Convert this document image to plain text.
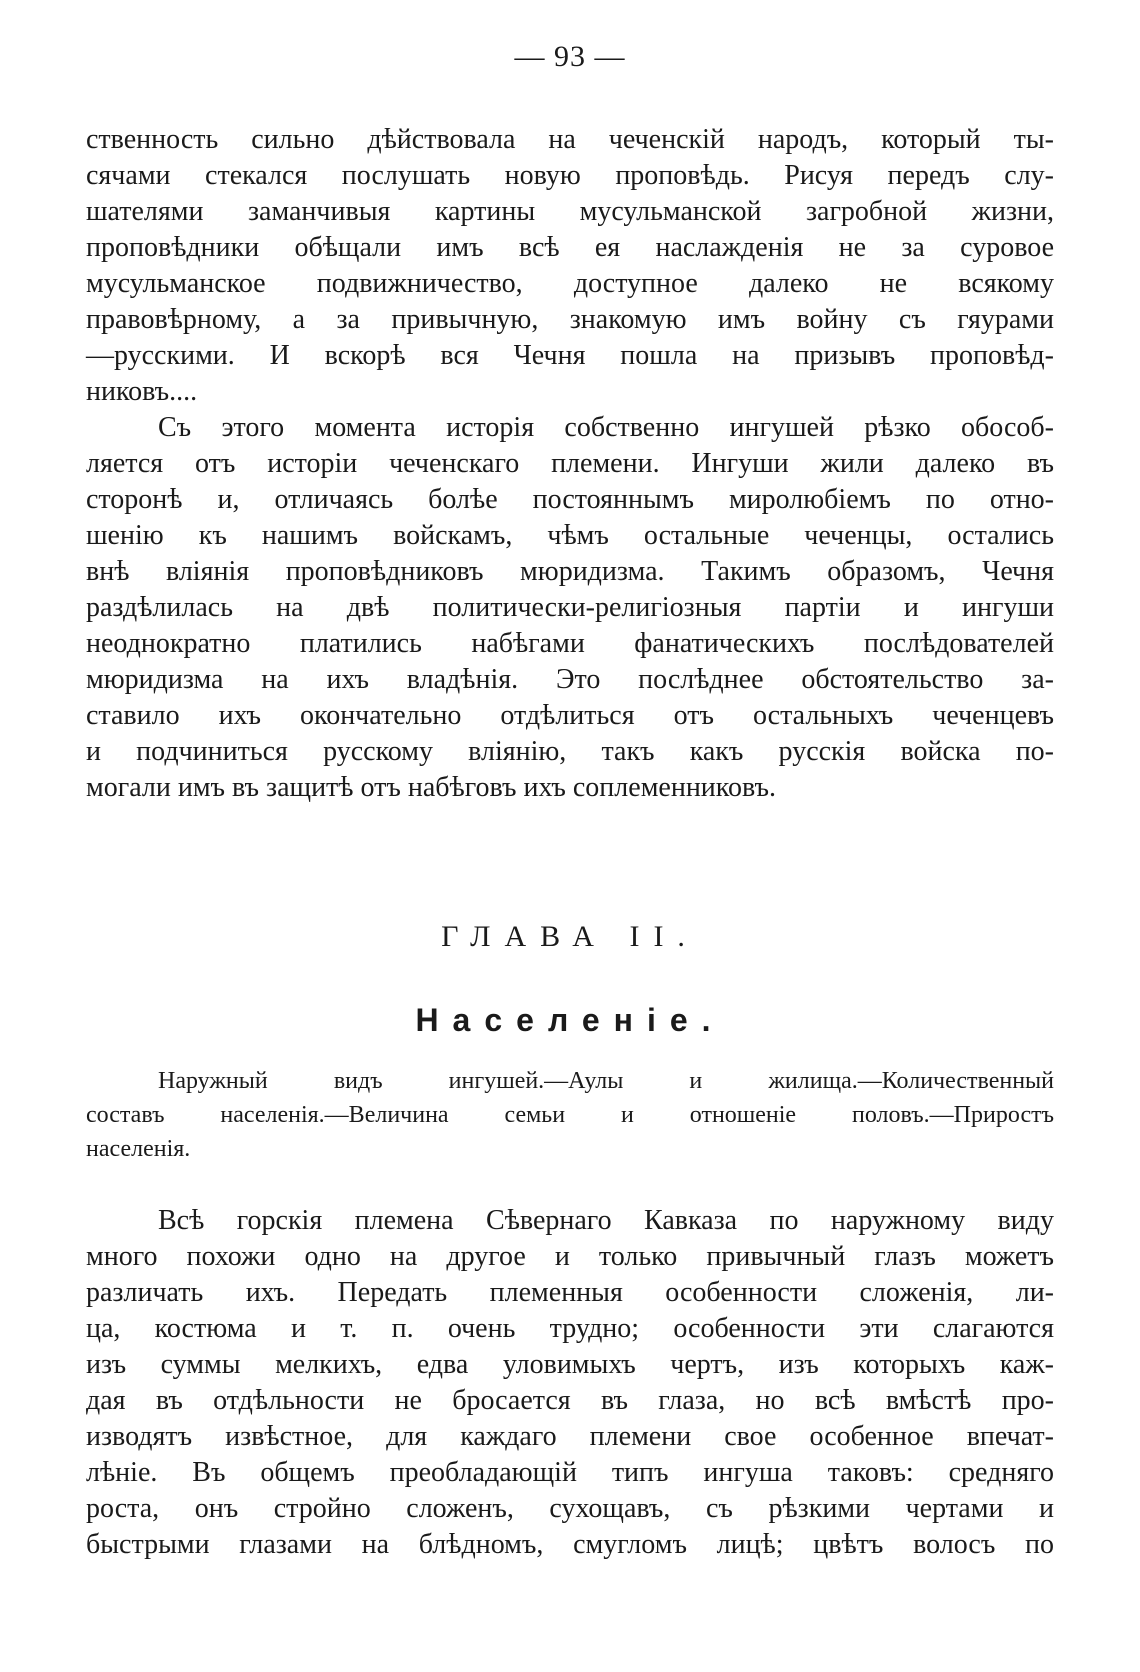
— 93 —
ственность сильно дѣйствовала на чеченскій народъ, который ты-
сячами стекался послушать новую проповѣдь. Рисуя передъ слу-
шателями заманчивыя картины мусульманской загробной жизни,
проповѣдники обѣщали имъ всѣ ея наслажденія не за суровое
мусульманское подвижничество, доступное далеко не всякому
правовѣрному, а за привычную, знакомую имъ войну съ гяурами
—русскими. И вскорѣ вся Чечня пошла на призывъ проповѣд-
никовъ....
Съ этого момента исторія собственно ингушей рѣзко обособ-
ляется отъ исторіи чеченскаго племени. Ингуши жили далеко въ
сторонѣ и, отличаясь болѣе постояннымъ миролюбіемъ по отно-
шенію къ нашимъ войскамъ, чѣмъ остальные чеченцы, остались
внѣ вліянія проповѣдниковъ мюридизма. Такимъ образомъ, Чечня
раздѣлилась на двѣ политически-религіозныя партіи и ингуши
неоднократно платились набѣгами фанатическихъ послѣдователей
мюридизма на ихъ владѣнія. Это послѣднее обстоятельство за-
ставило ихъ окончательно отдѣлиться отъ остальныхъ чеченцевъ
и подчиниться русскому вліянію, такъ какъ русскія войска по-
могали имъ въ защитѣ отъ набѣговъ ихъ соплеменниковъ.
ГЛАВА II.
Населеніе.
Наружный видъ ингушей.—Аулы и жилища.—Количественный
составъ населенія.—Величина семьи и отношеніе половъ.—Приростъ
населенія.
Всѣ горскія племена Сѣвернаго Кавказа по наружному виду
много похожи одно на другое и только привычный глазъ можетъ
различать ихъ. Передать племенныя особенности сложенія, ли-
ца, костюма и т. п. очень трудно; особенности эти слагаются
изъ суммы мелкихъ, едва уловимыхъ чертъ, изъ которыхъ каж-
дая въ отдѣльности не бросается въ глаза, но всѣ вмѣстѣ про-
изводятъ извѣстное, для каждаго племени свое особенное впечат-
лѣніе. Въ общемъ преобладающій типъ ингуша таковъ: средняго
роста, онъ стройно сложенъ, сухощавъ, съ рѣзкими чертами и
быстрыми глазами на блѣдномъ, смугломъ лицѣ; цвѣтъ волосъ по
